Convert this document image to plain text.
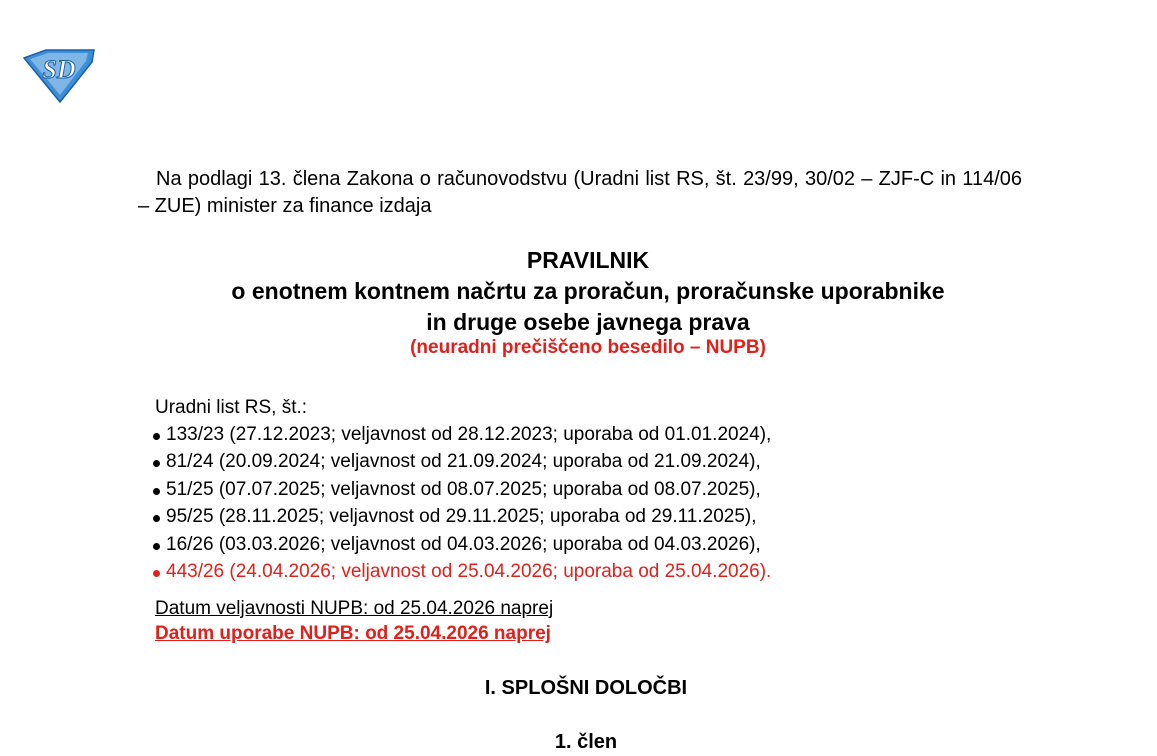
SD
Na podlagi 13. člena Zakona o računovodstvu (Uradni list RS, št. 23/99, 30/02 – ZJF-C in 114/06 – ZUE) minister za finance izdaja
PRAVILNIK
o enotnem kontnem načrtu za proračun, proračunske uporabnike
in druge osebe javnega prava
(neuradni prečiščeno besedilo – NUPB)
Uradni list RS, št.:
133/23 (27.12.2023; veljavnost od 28.12.2023; uporaba od 01.01.2024),
81/24 (20.09.2024; veljavnost od 21.09.2024; uporaba od 21.09.2024),
51/25 (07.07.2025; veljavnost od 08.07.2025; uporaba od 08.07.2025),
95/25 (28.11.2025; veljavnost od 29.11.2025; uporaba od 29.11.2025),
16/26 (03.03.2026; veljavnost od 04.03.2026; uporaba od 04.03.2026),
443/26 (24.04.2026; veljavnost od 25.04.2026; uporaba od 25.04.2026).
Datum veljavnosti NUPB: od 25.04.2026 naprej
Datum uporabe NUPB: od 25.04.2026 naprej
I. SPLOŠNI DOLOČBI
1. člen
